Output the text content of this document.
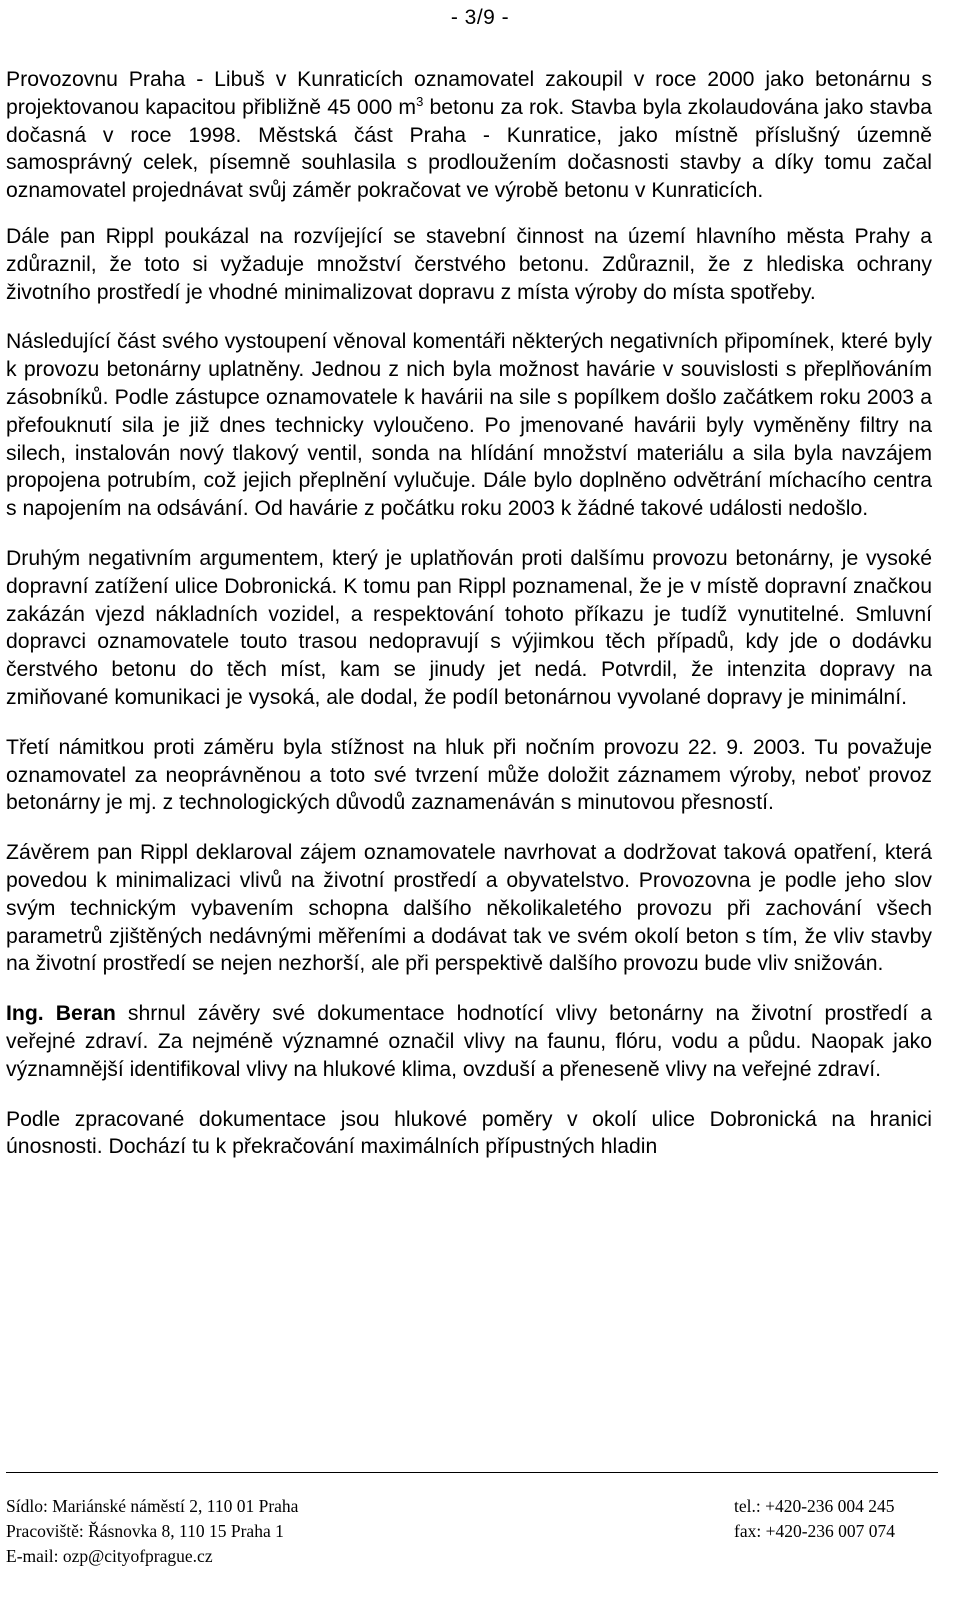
- 3/9 -

Provozovnu Praha - Libuš v Kunraticích oznamovatel zakoupil v roce 2000 jako betonárnu s projektovanou kapacitou přibližně 45 000 $m^3$ betonu za rok. Stavba byla zkolaudována jako stavba dočasná v roce 1998. Městská část Praha - Kunratice, jako místně příslušný územně samosprávný celek, písemně souhlasila s prodloužením dočasnosti stavby a díky tomu začal oznamovatel projednávat svůj záměr pokračovat ve výrobě betonu v Kunraticích.

Dále pan Rippl poukázal na rozvíjející se stavební činnost na území hlavního města Prahy a zdůraznil, že toto si vyžaduje množství čerstvého betonu. Zdůraznil, že z hlediska ochrany životního prostředí je vhodné minimalizovat dopravu z místa výroby do místa spotřeby.

Následující část svého vystoupení věnoval komentáři některých negativních připomínek, které byly k provozu betonárny uplatněny. Jednou z nich byla možnost havárie v souvislosti s přeplňováním zásobníků. Podle zástupce oznamovatele k havárii na sile s popílkem došlo začátkem roku 2003 a přefouknutí sila je již dnes technicky vyloučeno. Po jmenované havárii byly vyměněny filtry na silech, instalován nový tlakový ventil, sonda na hlídání množství materiálu a sila byla navzájem propojena potrubím, což jejich přeplnění vylučuje. Dále bylo doplněno odvětrání míchacího centra s napojením na odsávání. Od havárie z počátku roku 2003 k žádné takové události nedošlo.

Druhým negativním argumentem, který je uplatňován proti dalšímu provozu betonárny, je vysoké dopravní zatížení ulice Dobronická. K tomu pan Rippl poznamenal, že je v místě dopravní značkou zakázán vjezd nákladních vozidel, a respektování tohoto příkazu je tudíž vynutitelné. Smluvní dopravci oznamovatele touto trasou nedopravují s výjimkou těch případů, kdy jde o dodávku čerstvého betonu do těch míst, kam se jinudy jet nedá. Potvrdil, že intenzita dopravy na zmiňované komunikaci je vysoká, ale dodal, že podíl betonárnou vyvolané dopravy je minimální.

Třetí námitkou proti záměru byla stížnost na hluk při nočním provozu 22. 9. 2003. Tu považuje oznamovatel za neoprávněnou a toto své tvrzení může doložit záznamem výroby, neboť provoz betonárny je mj. z technologických důvodů zaznamenáván s minutovou přesností.

Závěrem pan Rippl deklaroval zájem oznamovatele navrhovat a dodržovat taková opatření, která povedou k minimalizaci vlivů na životní prostředí a obyvatelstvo. Provozovna je podle jeho slov svým technickým vybavením schopna dalšího několikaletého provozu při zachování všech parametrů zjištěných nedávnými měřeními a dodávat tak ve svém okolí beton s tím, že vliv stavby na životní prostředí se nejen nezhorší, ale při perspektivě dalšího provozu bude vliv snižován.

Ing. Beran shrnul závěry své dokumentace hodnotící vlivy betonárny na životní prostředí a veřejné zdraví. Za nejméně významné označil vlivy na faunu, flóru, vodu a půdu. Naopak jako významnější identifikoval vlivy na hlukové klima, ovzduší a přeneseně vlivy na veřejné zdraví.

Podle zpracované dokumentace jsou hlukové poměry v okolí ulice Dobronická na hranici únosnosti. Dochází tu k překračování maximálních přípustných hladin

Sídlo: Mariánské náměstí 2, 110 01 Praha
Pracoviště: Řásnovka 8, 110 15 Praha 1
E-mail: ozp@cityofprague.cz
tel.: +420-236 004 245
fax: +420-236 007 074
